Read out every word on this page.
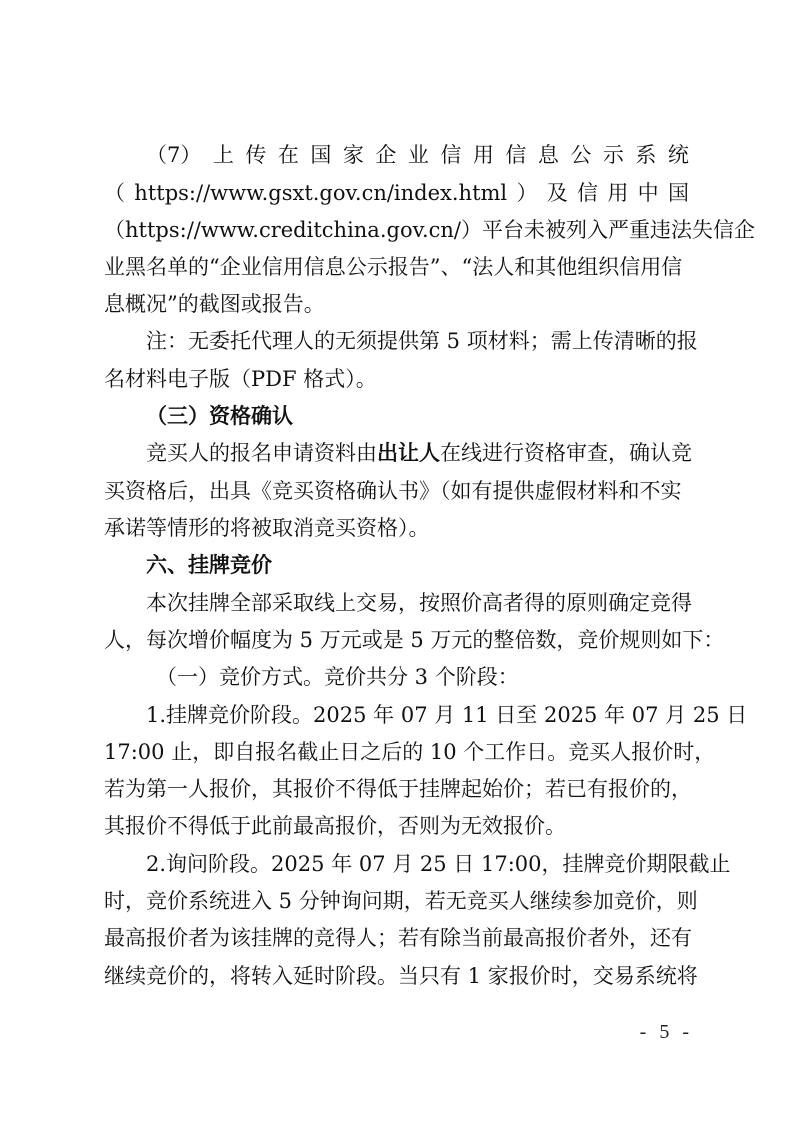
（7） 上 传 在 国 家 企 业 信 用 信 息 公 示 系 统
（ https://www.gsxt.gov.cn/index.html ） 及 信 用 中 国
（https://www.creditchina.gov.cn/）平台未被列入严重违法失信企
业黑名单的“企业信用信息公示报告”、“法人和其他组织信用信
息概况”的截图或报告。
注：无委托代理人的无须提供第 5 项材料；需上传清晰的报
名材料电子版（PDF 格式）。
（三）资格确认
竞买人的报名申请资料由出让人在线进行资格审查，确认竞
买资格后，出具《竞买资格确认书》（如有提供虚假材料和不实
承诺等情形的将被取消竞买资格）。
六、挂牌竞价
本次挂牌全部采取线上交易，按照价高者得的原则确定竞得
人，每次增价幅度为 5 万元或是 5 万元的整倍数，竞价规则如下：
（一）竞价方式。竞价共分 3 个阶段：
1.挂牌竞价阶段。2025 年 07 月 11 日至 2025 年 07 月 25 日
17:00 止，即自报名截止日之后的 10 个工作日。竞买人报价时，
若为第一人报价，其报价不得低于挂牌起始价；若已有报价的，
其报价不得低于此前最高报价，否则为无效报价。
2.询问阶段。2025 年 07 月 25 日 17:00，挂牌竞价期限截止
时，竞价系统进入 5 分钟询问期，若无竞买人继续参加竞价，则
最高报价者为该挂牌的竞得人；若有除当前最高报价者外，还有
继续竞价的，将转入延时阶段。当只有 1 家报价时，交易系统将
- 5 -
